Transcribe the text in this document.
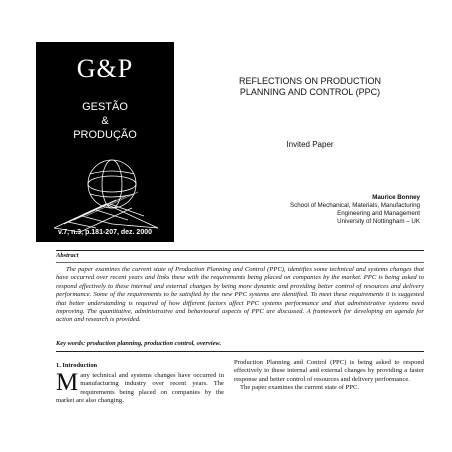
G&P
GESTÃO
&
PRODUÇÃO
v.7, n.3, p.181-207, dez. 2000
REFLECTIONS ON PRODUCTION
PLANNING AND CONTROL (PPC)
Invited Paper
Maurice Bonney
School of Mechanical, Materials, Manufacturing
Engineering and Management
University of Nottingham – UK
Abstract
The paper examines the current state of Production Planning and Control (PPC), identifies some technical and systems changes that have occurred over recent years and links these with the requirements being placed on companies by the market. PPC is being asked to respond effectively to these internal and external changes by being more dynamic and providing better control of resources and delivery performance. Some of the requirements to be satisfied by the new PPC systems are identified. To meet these requirements it is suggested that better understanding is required of how different factors affect PPC systems performance and that administrative systems need improving. The quantitative, administrative and behavioural aspects of PPC are discussed. A framework for developing an agenda for action and research is provided.
Key words: production planning, production control, overview.
1. Introduction
Many technical and systems changes have occurred in manufacturing industry over recent years. The requirements being placed on companies by the market are also changing.

Production Planning and Control (PPC) is being asked to respond effectively to these internal and external changes by providing a faster response and better control of resources and delivery performance.

The paper examines the current state of PPC.
